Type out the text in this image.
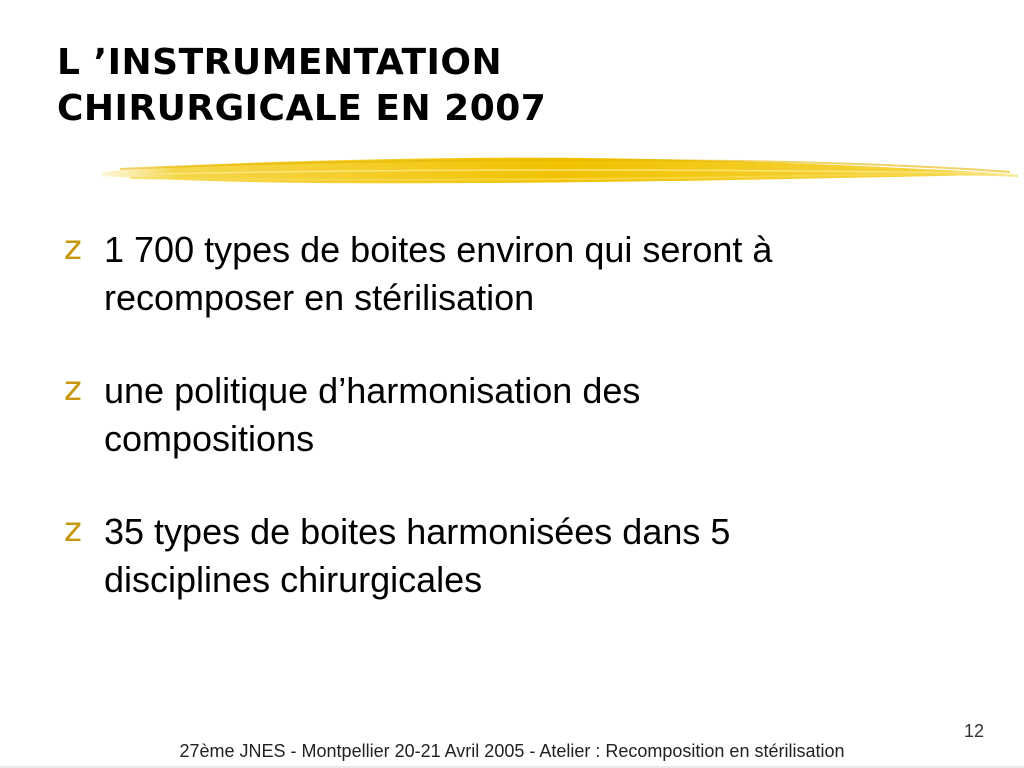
L ’INSTRUMENTATION
CHIRURGICALE EN 2007
z 1 700 types de boites environ qui seront à
recomposer en stérilisation
z une politique d’harmonisation des
compositions
z 35 types de boites harmonisées dans 5
disciplines chirurgicales
12
27ème JNES - Montpellier 20-21 Avril 2005 - Atelier : Recomposition en stérilisation
